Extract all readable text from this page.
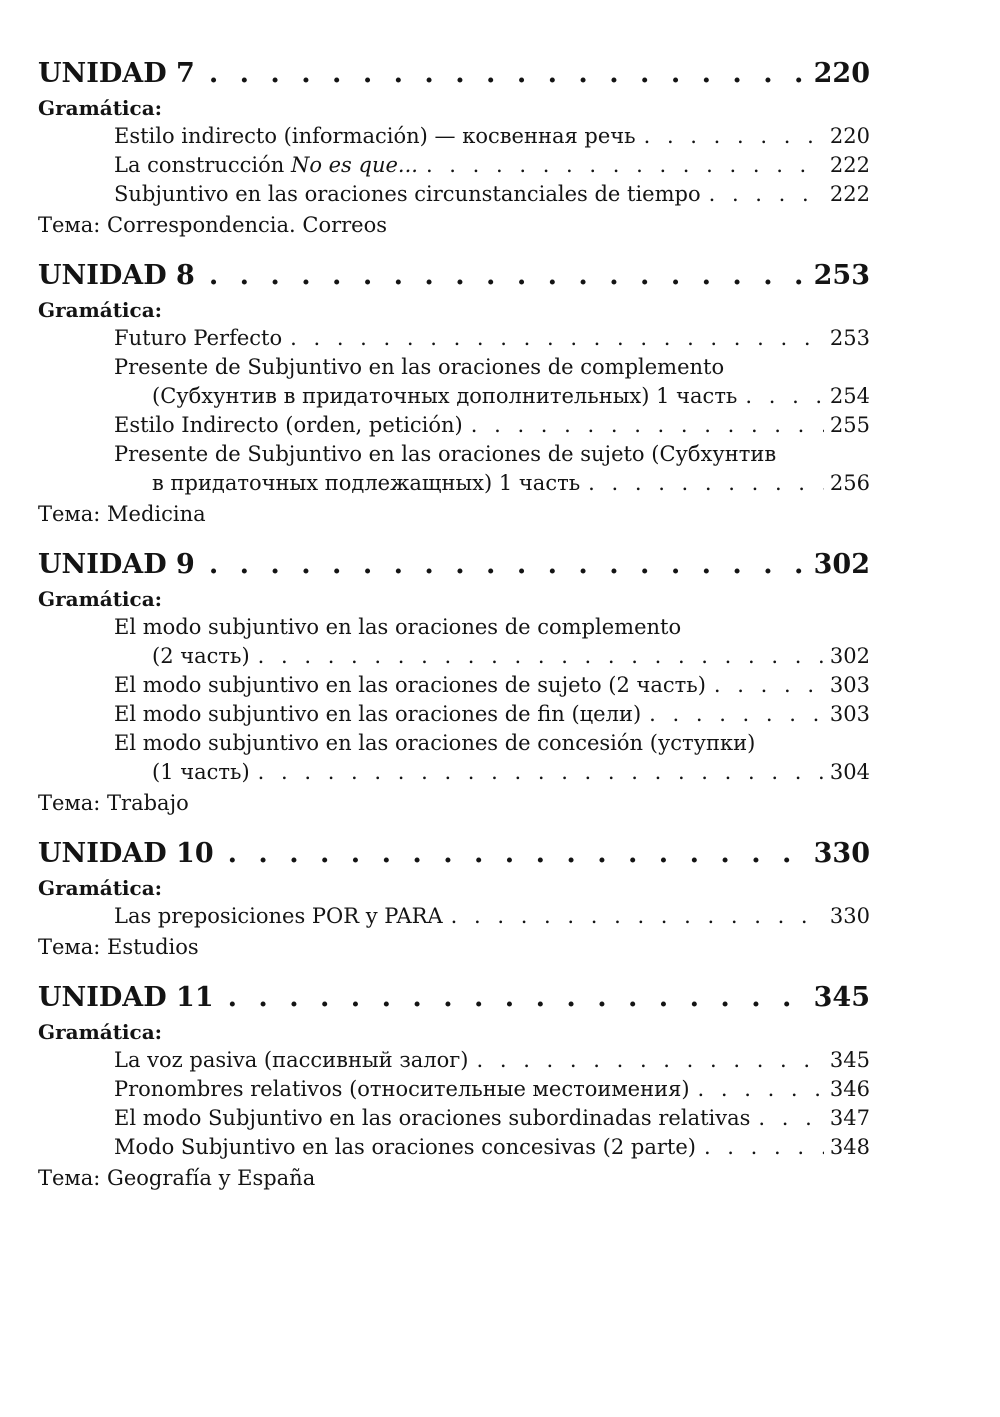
UNIDAD 7 . . .	220
Gramática:
Estilo indirecto (información) — косвенная речь . . .	220
La construcción No es que... . . .	222
Subjuntivo en las oraciones circunstanciales de tiempo . . .	222
Тема: Correspondencia. Correos
UNIDAD 8 . . .	253
Gramática:
Futuro Perfecto . . .	253
Presente de Subjuntivo en las oraciones de complemento
(Субхунтив в придаточных дополнительных) 1 часть . . .	254
Estilo Indirecto (orden, petición) . . .	255
Presente de Subjuntivo en las oraciones de sujeto (Субхунтив
в придаточных подлежащных) 1 часть . . .	256
Тема: Medicina
UNIDAD 9 . . .	302
Gramática:
El modo subjuntivo en las oraciones de complemento
(2 часть) . . .	302
El modo subjuntivo en las oraciones de sujeto (2 часть) . . .	303
El modo subjuntivo en las oraciones de fin (цели) . . .	303
El modo subjuntivo en las oraciones de concesión (уступки)
(1 часть) . . .	304
Тема: Trabajo
UNIDAD 10 . . .	330
Gramática:
Las preposiciones POR y PARA . . .	330
Тема: Estudios
UNIDAD 11 . . .	345
Gramática:
La voz pasiva (пассивный залог) . . .	345
Pronombres relativos (относительные местоимения) . . .	346
El modo Subjuntivo en las oraciones subordinadas relativas . . .	347
Modo Subjuntivo en las oraciones concesivas (2 parte) . . .	348
Тема: Geografía y España
